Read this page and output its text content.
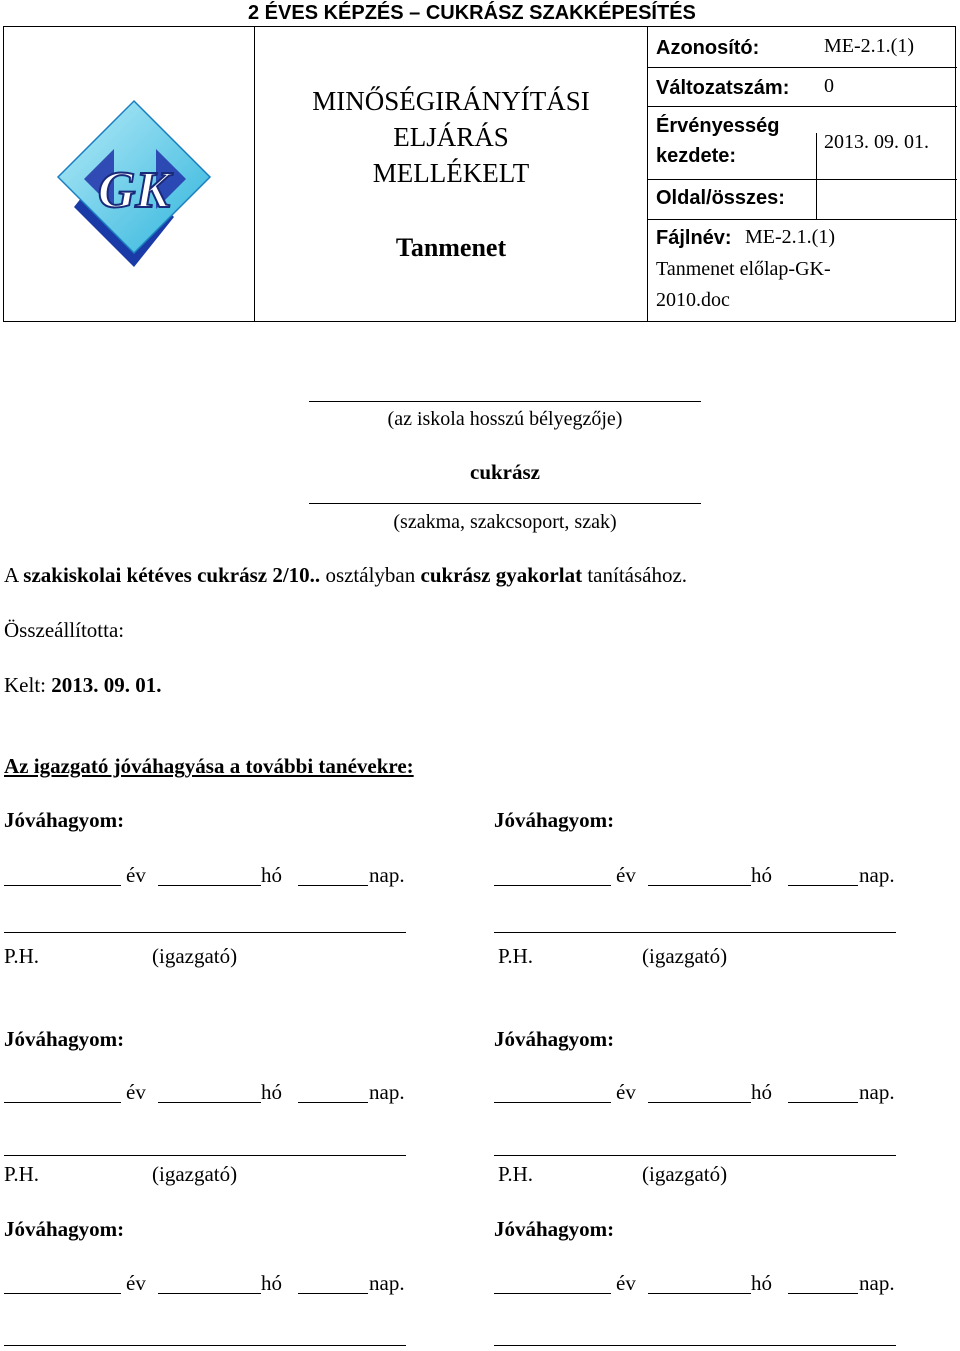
2 ÉVES KÉPZÉS – CUKRÁSZ SZAKKÉPESÍTÉS
GK
MINŐSÉGIRÁNYÍTÁSI
ELJÁRÁS
MELLÉKELT
Tanmenet
Azonosító:	ME-2.1.(1)
Változatszám: 0
Érvényesség
kezdete:
2013. 09. 01.
Oldal/összes:
Fájlnév: ME-2.1.(1)
Tanmenet előlap-GK-
2010.doc
(az iskola hosszú bélyegzője)
cukrász
(szakma, szakcsoport, szak)
A szakiskolai kétéves cukrász 2/10.. osztályban cukrász gyakorlat tanításához.
Összeállította:
Kelt: 2013. 09. 01.
Az igazgató jóváhagyása a további tanévekre:
Jóváhagyom:
év	hó	nap.
P.H.	(igazgató)
Jóváhagyom:
év	hó	nap.
P.H.	(igazgató)
Jóváhagyom:
év	hó	nap.
P.H.	(igazgató)
Jóváhagyom:
év	hó	nap.
P.H.	(igazgató)
Jóváhagyom:
év	hó	nap.
Jóváhagyom:
év	hó	nap.
